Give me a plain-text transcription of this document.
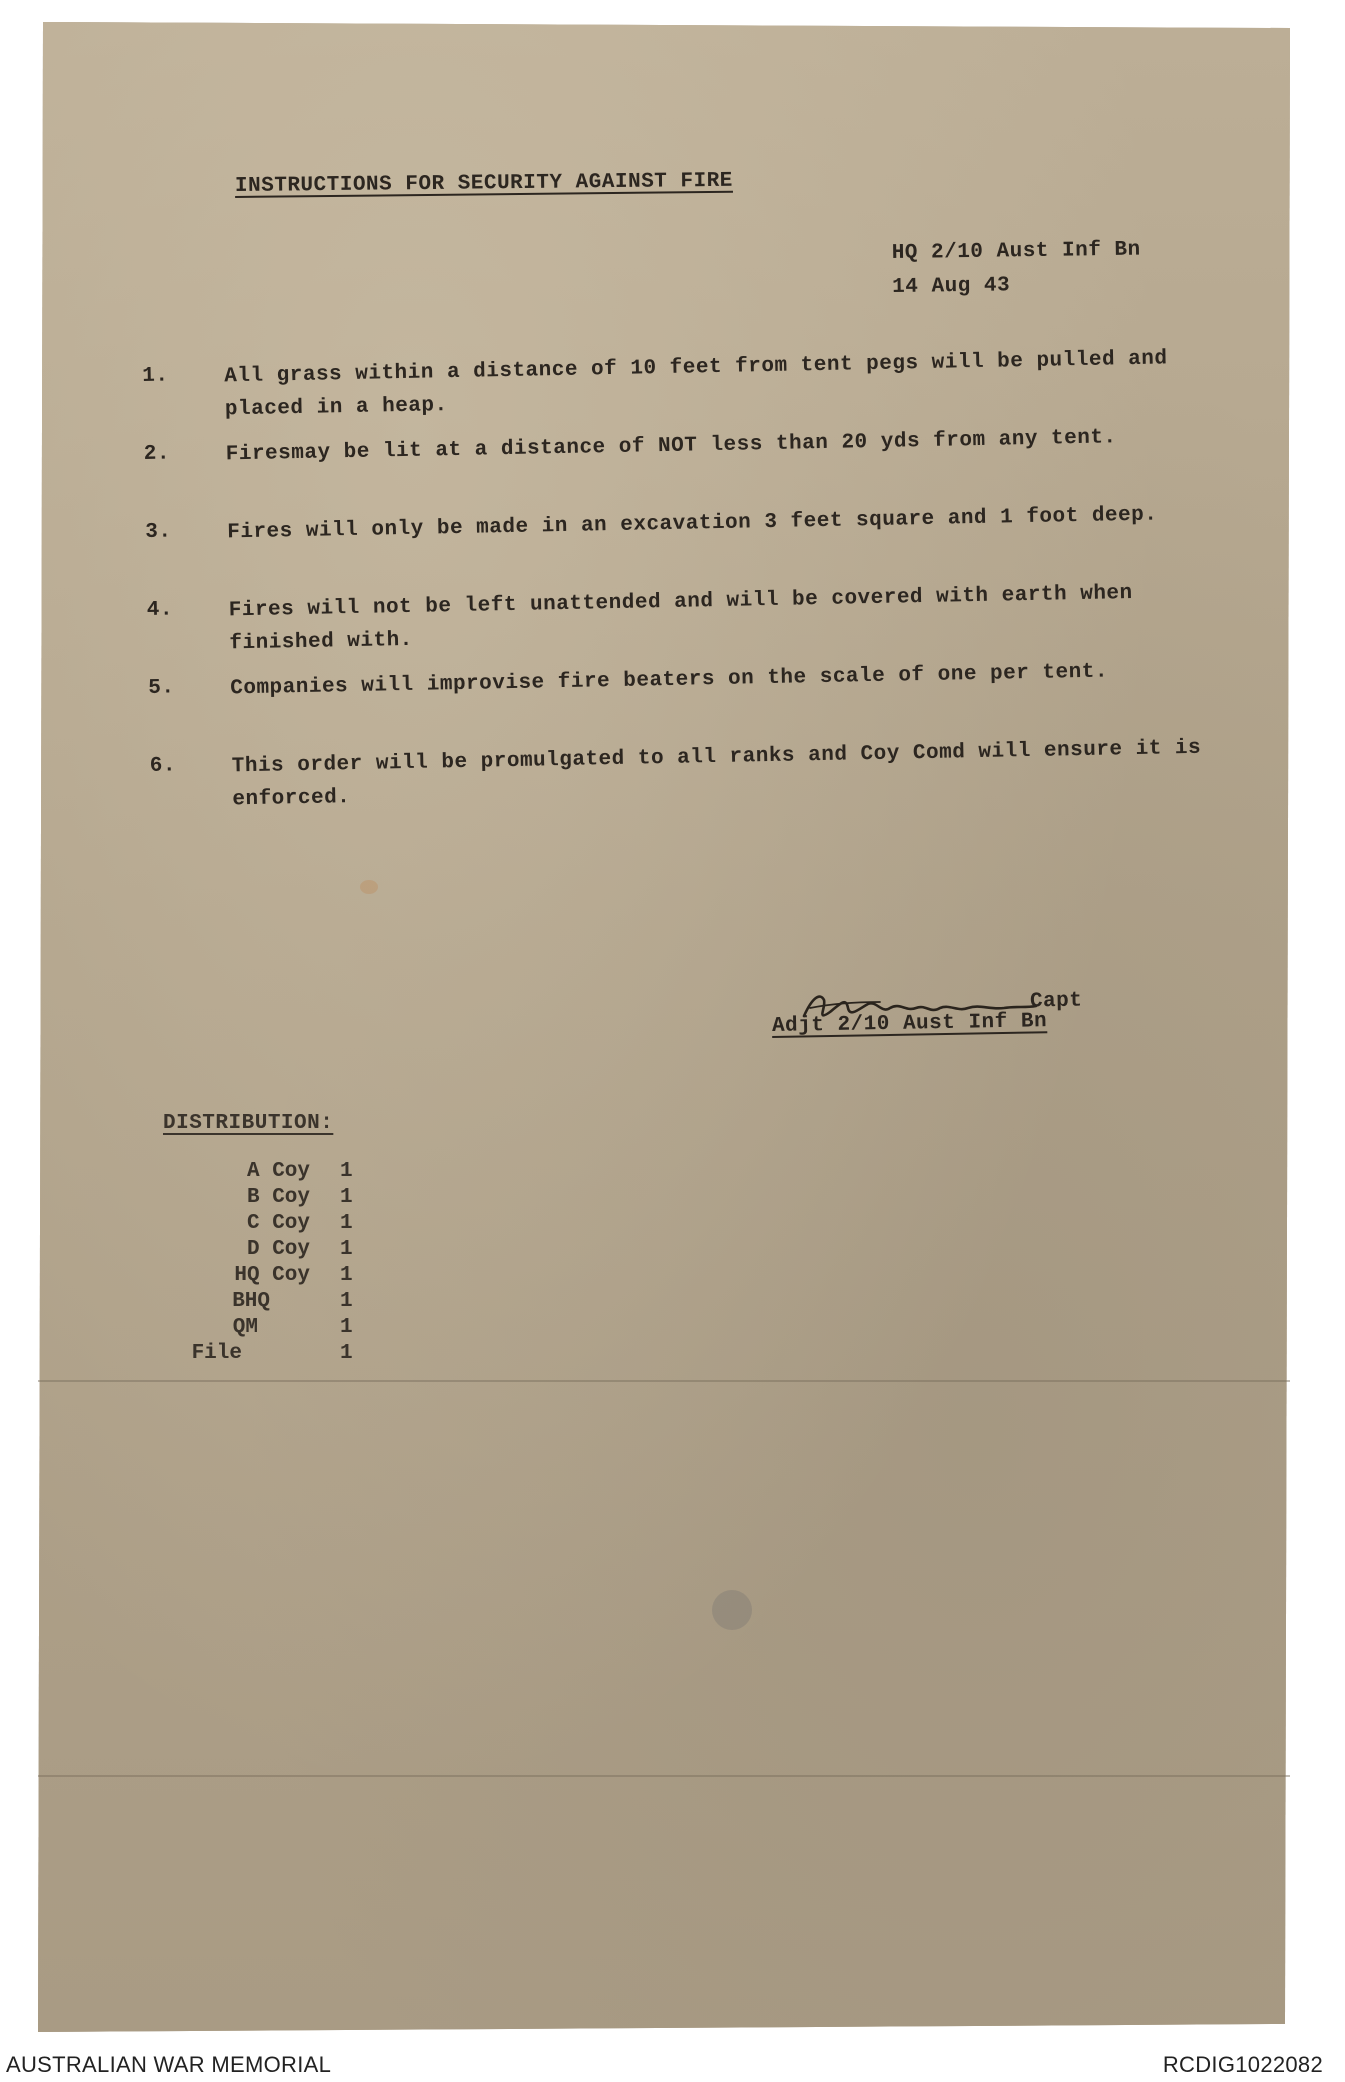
INSTRUCTIONS FOR SECURITY AGAINST FIRE
HQ 2/10 Aust Inf Bn
14 Aug 43
1.	All grass within a distance of 10 feet from tent pegs will be pulled and placed in a heap.
2.	Firesmay be lit at a distance of NOT less than 20 yds from any tent.
3.	Fires will only be made in an excavation 3 feet square and 1 foot deep.
4.	Fires will not be left unattended and will be covered with earth when finished with.
5.	Companies will improvise fire beaters on the scale of one per tent.
6.	This order will be promulgated to all ranks and Coy Comd will ensure it is enforced.
Capt
Adjt 2/10 Aust Inf Bn
DISTRIBUTION:
A Coy 1
B Coy 1
C Coy 1
D Coy 1
HQ Coy 1
BHQ	1
QM	1
File	1
AUSTRALIAN WAR MEMORIAL	RCDIG1022082
